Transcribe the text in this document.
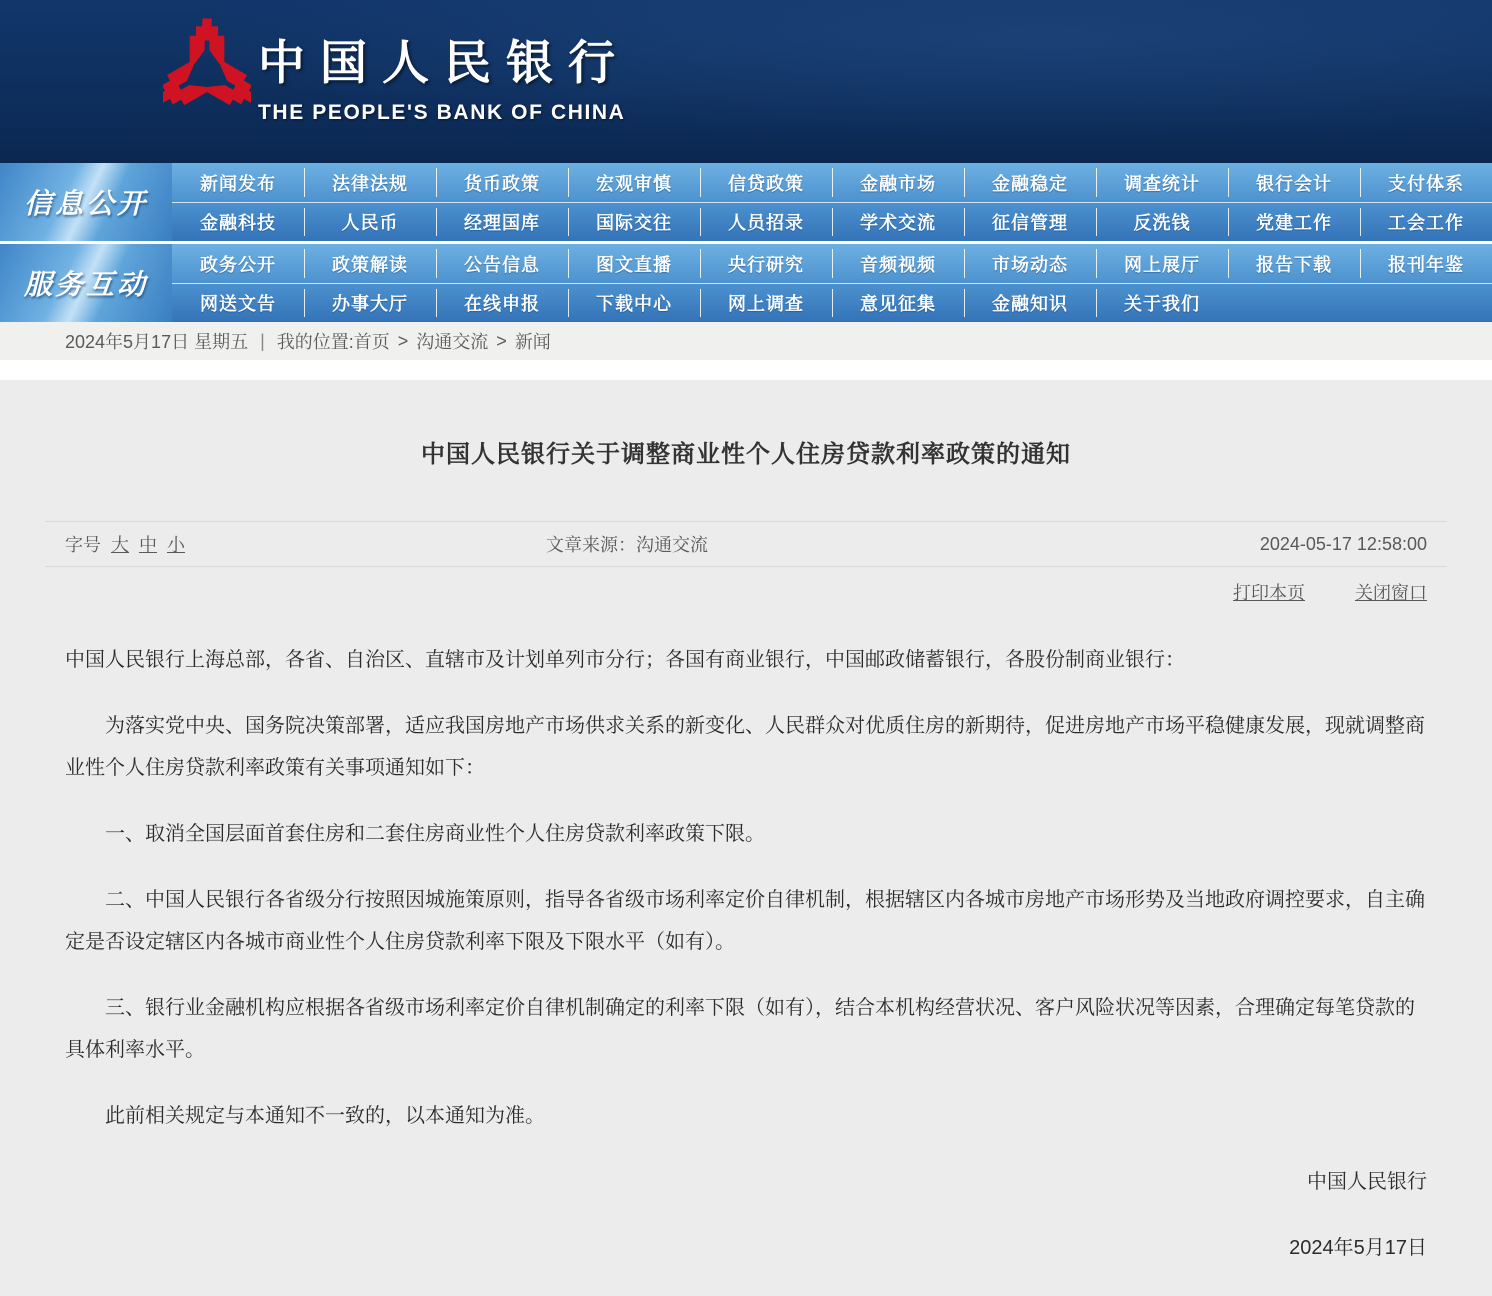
中国人民银行
THE PEOPLE'S BANK OF CHINA
信息公开
新闻发布	法律法规	货币政策	宏观审慎	信贷政策	金融市场	金融稳定	调查统计	银行会计	支付体系
金融科技	人民币	经理国库	国际交往	人员招录	学术交流	征信管理	反洗钱	党建工作	工会工作
服务互动
政务公开	政策解读	公告信息	图文直播	央行研究	音频视频	市场动态	网上展厅	报告下载	报刊年鉴
网送文告	办事大厅	在线申报	下载中心	网上调查	意见征集	金融知识	关于我们
2024年5月17日 星期五 | 我的位置: 首页 > 沟通交流 > 新闻
中国人民银行关于调整商业性个人住房贷款利率政策的通知
字号 大 中 小	文章来源：沟通交流	2024-05-17 12:58:00
打印本页	关闭窗口

中国人民银行上海总部，各省、自治区、直辖市及计划单列市分行；各国有商业银行，中国邮政储蓄银行，各股份制商业银行：

为落实党中央、国务院决策部署，适应我国房地产市场供求关系的新变化、人民群众对优质住房的新期待，促进房地产市场平稳健康发展，现就调整商业性个人住房贷款利率政策有关事项通知如下：

一、取消全国层面首套住房和二套住房商业性个人住房贷款利率政策下限。

二、中国人民银行各省级分行按照因城施策原则，指导各省级市场利率定价自律机制，根据辖区内各城市房地产市场形势及当地政府调控要求，自主确定是否设定辖区内各城市商业性个人住房贷款利率下限及下限水平（如有）。

三、银行业金融机构应根据各省级市场利率定价自律机制确定的利率下限（如有），结合本机构经营状况、客户风险状况等因素，合理确定每笔贷款的具体利率水平。

此前相关规定与本通知不一致的，以本通知为准。

中国人民银行

2024年5月17日
